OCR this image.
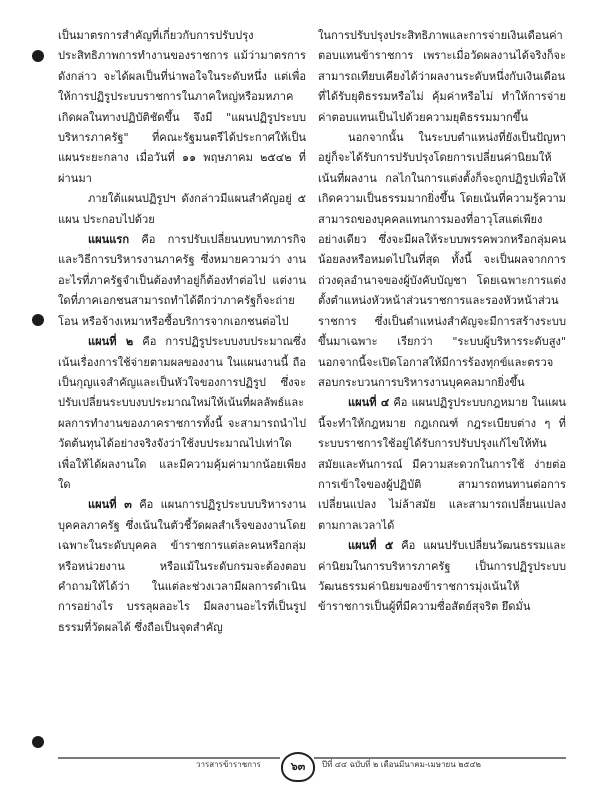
เป็นมาตรการสำคัญที่เกี่ยวกับการปรับปรุงประสิทธิภาพการทำงานของราชการ แม้ว่ามาตรการดังกล่าว จะได้ผลเป็นที่น่าพอใจในระดับหนึ่ง แต่เพื่อให้การปฏิรูประบบราชการในภาคใหญ่หรือมหภาคเกิดผลในทางปฏิบัติชัดขึ้น จึงมี "แผนปฏิรูประบบบริหารภาครัฐ" ที่คณะรัฐมนตรีได้ประกาศให้เป็นแผนระยะกลาง เมื่อวันที่ ๑๑ พฤษภาคม ๒๕๔๒ ที่ผ่านมา

ภายใต้แผนปฏิรูปฯ ดังกล่าวมีแผนสำคัญอยู่ ๕ แผน ประกอบไปด้วย

แผนแรก คือ การปรับเปลี่ยนบทบาทภารกิจและวิธีการบริหารงานภาครัฐ ซึ่งหมายความว่า งานอะไรที่ภาครัฐจำเป็นต้องทำอยู่ก็ต้องทำต่อไป แต่งานใดที่ภาคเอกชนสามารถทำได้ดีกว่าภาครัฐก็จะถ่ายโอน หรือจ้างเหมาหรือซื้อบริการจากเอกชนต่อไป

แผนที่ ๒ คือ การปฏิรูประบบงบประมาณซึ่งเน้นเรื่องการใช้จ่ายตามผลของงาน ในแผนงานนี้ ถือเป็นกุญแจสำคัญและเป็นหัวใจของการปฏิรูป ซึ่งจะปรับเปลี่ยนระบบงบประมาณใหม่ให้เน้นที่ผลลัพธ์และผลการทำงานของภาคราชการทั้งนี้ จะสามารถนำไปวัดต้นทุนได้อย่างจริงจังว่าใช้งบประมาณไปเท่าใดเพื่อให้ได้ผลงานใด และมีความคุ้มค่ามากน้อยเพียงใด

แผนที่ ๓ คือ แผนการปฏิรูประบบบริหารงานบุคคลภาครัฐ ซึ่งเน้นในตัวชี้วัดผลสำเร็จของงานโดยเฉพาะในระดับบุคคล ข้าราชการแต่ละคนหรือกลุ่มหรือหน่วยงาน หรือแม้ในระดับกรมจะต้องตอบคำถามให้ได้ว่า ในแต่ละช่วงเวลามีผลการดำเนินการอย่างไร บรรลุผลอะไร มีผลงานอะไรที่เป็นรูปธรรมที่วัดผลได้ ซึ่งถือเป็นจุดสำคัญ

ในการปรับปรุงประสิทธิภาพและการจ่ายเงินเดือนค่าตอบแทนข้าราชการ เพราะเมื่อวัดผลงานได้จริงก็จะสามารถเทียบเคียงได้ว่าผลงานระดับหนึ่งกับเงินเดือนที่ได้รับยุติธรรมหรือไม่ คุ้มค่าหรือไม่ ทำให้การจ่ายค่าตอบแทนเป็นไปด้วยความยุติธรรมมากขึ้น

นอกจากนั้น ในระบบตำแหน่งที่ยังเป็นปัญหาอยู่ก็จะได้รับการปรับปรุงโดยการเปลี่ยนค่านิยมให้เน้นที่ผลงาน กลไกในการแต่งตั้งก็จะถูกปฏิรูปเพื่อให้เกิดความเป็นธรรมมากยิ่งขึ้น โดยเน้นที่ความรู้ความสามารถของบุคคลแทนการมองที่อาวุโสแต่เพียงอย่างเดียว ซึ่งจะมีผลให้ระบบพรรคพวกหรือกลุ่มคนน้อยลงหรือหมดไปในที่สุด ทั้งนี้ จะเป็นผลจากการถ่วงดุลอำนาจของผู้บังคับบัญชา โดยเฉพาะการแต่งตั้งตำแหน่งหัวหน้าส่วนราชการและรองหัวหน้าส่วนราชการ ซึ่งเป็นตำแหน่งสำคัญจะมีการสร้างระบบขึ้นมาเฉพาะ เรียกว่า "ระบบผู้บริหารระดับสูง" นอกจากนี้จะเปิดโอกาสให้มีการร้องทุกข์และตรวจสอบกระบวนการบริหารงานบุคคลมากยิ่งขึ้น

แผนที่ ๔ คือ แผนปฏิรูประบบกฎหมาย ในแผนนี้จะทำให้กฎหมาย กฎเกณฑ์ กฎระเบียบต่าง ๆ ที่ระบบราชการใช้อยู่ได้รับการปรับปรุงแก้ไขให้ทันสมัยและทันการณ์ มีความสะดวกในการใช้ ง่ายต่อการเข้าใจของผู้ปฏิบัติ สามารถทนทานต่อการเปลี่ยนแปลง ไม่ล้าสมัย และสามารถเปลี่ยนแปลงตามกาลเวลาได้

แผนที่ ๕ คือ แผนปรับเปลี่ยนวัฒนธรรมและค่านิยมในการบริหารภาครัฐ เป็นการปฏิรูประบบวัฒนธรรมค่านิยมของข้าราชการมุ่งเน้นให้ข้าราชการเป็นผู้ที่มีความซื่อสัตย์สุจริต ยึดมั่น

วารสารข้าราชการ	๖๓	ปีที่ ๔๔ ฉบับที่ ๒ เดือนมีนาคม-เมษายน ๒๕๔๒
